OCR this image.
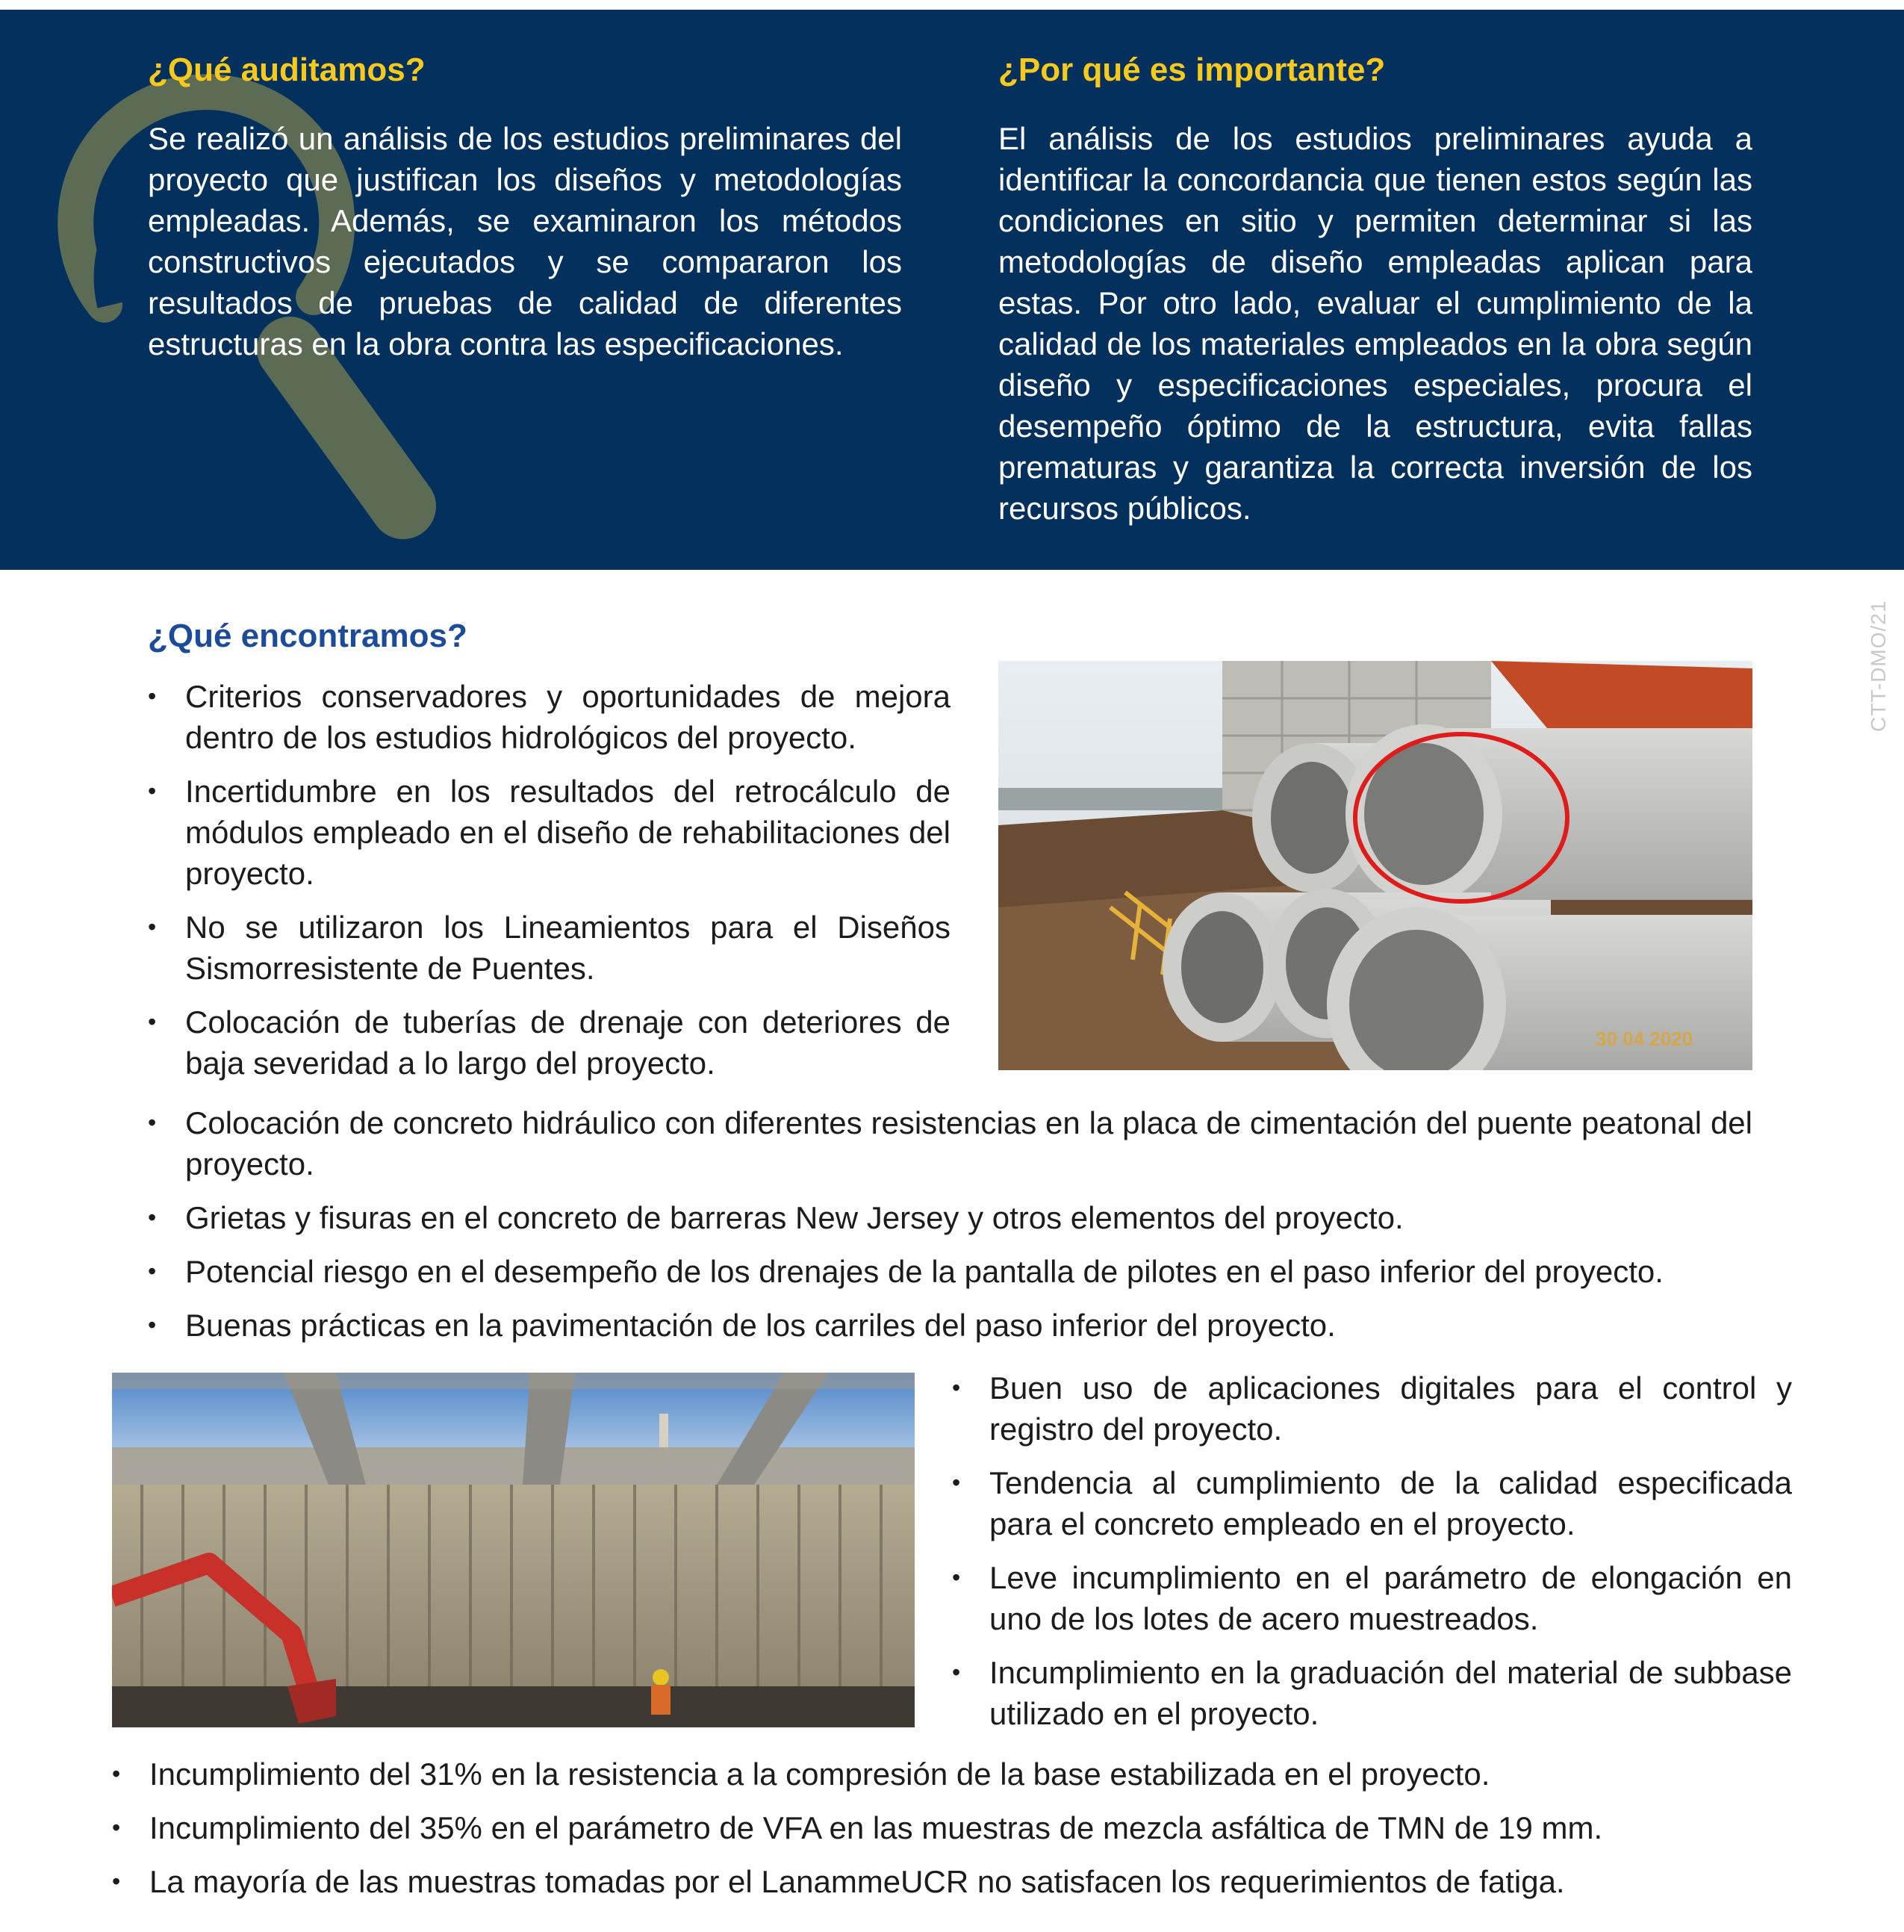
¿Qué auditamos?

Se realizó un análisis de los estudios preliminares del proyecto que justifican los diseños y metodologías empleadas. Además, se examinaron los métodos constructivos ejecutados y se compararon los resultados de pruebas de calidad de diferentes estructuras en la obra contra las especificaciones.

¿Por qué es importante?

El análisis de los estudios preliminares ayuda a identificar la concordancia que tienen estos según las condiciones en sitio y permiten determinar si las metodologías de diseño empleadas aplican para estas. Por otro lado, evaluar el cumplimiento de la calidad de los materiales empleados en la obra según diseño y especificaciones especiales, procura el desempeño óptimo de la estructura, evita fallas prematuras y garantiza la correcta inversión de los recursos públicos.

CTT-DMO/21
¿Qué encontramos?
• Criterios conservadores y oportunidades de mejora dentro de los estudios hidrológicos del proyecto.
• Incertidumbre en los resultados del retrocálculo de módulos empleado en el diseño de rehabilitaciones del proyecto.
• No se utilizaron los Lineamientos para el Diseños Sismorresistente de Puentes.
• Colocación de tuberías de drenaje con deteriores de baja severidad a lo largo del proyecto.
30 04 2020
• Colocación de concreto hidráulico con diferentes resistencias en la placa de cimentación del puente peatonal del proyecto.
• Grietas y fisuras en el concreto de barreras New Jersey y otros elementos del proyecto.
• Potencial riesgo en el desempeño de los drenajes de la pantalla de pilotes en el paso inferior del proyecto.
• Buenas prácticas en la pavimentación de los carriles del paso inferior del proyecto.
• Buen uso de aplicaciones digitales para el control y registro del proyecto.
• Tendencia al cumplimiento de la calidad especificada para el concreto empleado en el proyecto.
• Leve incumplimiento en el parámetro de elongación en uno de los lotes de acero muestreados.
• Incumplimiento en la graduación del material de subbase utilizado en el proyecto.
• Incumplimiento del 31% en la resistencia a la compresión de la base estabilizada en el proyecto.
• Incumplimiento del 35% en el parámetro de VFA en las muestras de mezcla asfáltica de TMN de 19 mm.
• La mayoría de las muestras tomadas por el LanammeUCR no satisfacen los requerimientos de fatiga.
